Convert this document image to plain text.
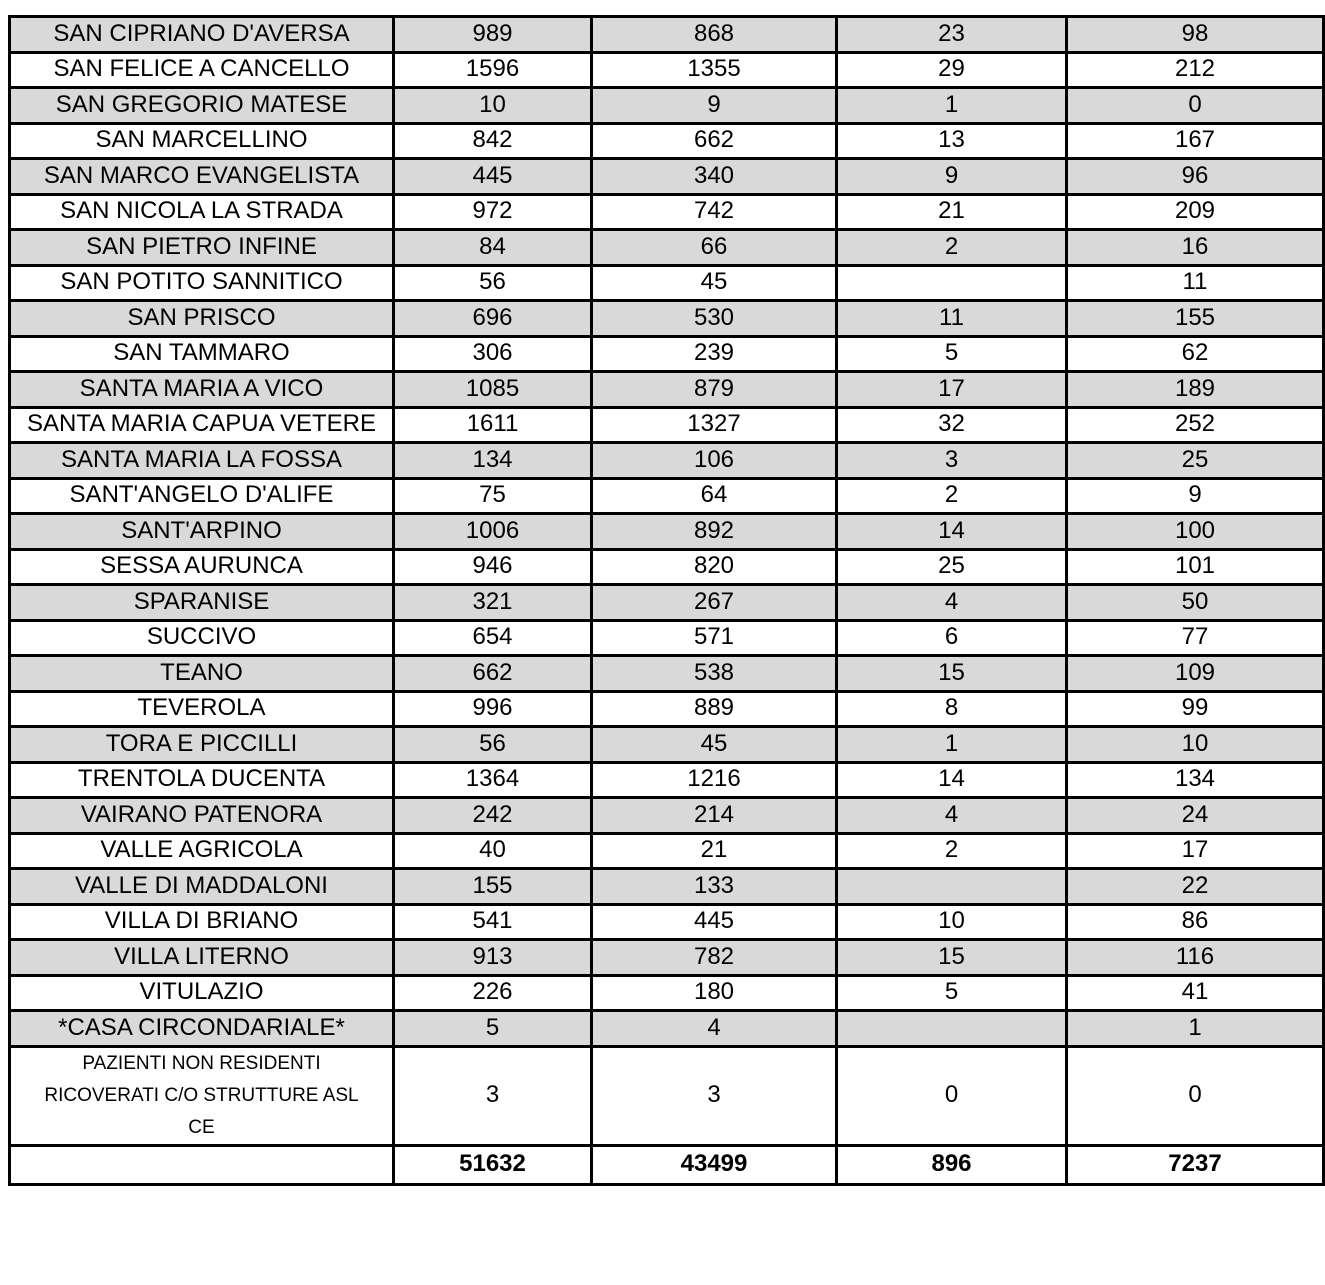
SAN CIPRIANO D'AVERSA	989	868	23	98
SAN FELICE A CANCELLO	1596	1355	29	212
SAN GREGORIO MATESE	10	9	1	0
SAN MARCELLINO	842	662	13	167
SAN MARCO EVANGELISTA	445	340	9	96
SAN NICOLA LA STRADA	972	742	21	209
SAN PIETRO INFINE	84	66	2	16
SAN POTITO SANNITICO	56	45		11
SAN PRISCO	696	530	11	155
SAN TAMMARO	306	239	5	62
SANTA MARIA A VICO	1085	879	17	189
SANTA MARIA CAPUA VETERE	1611	1327	32	252
SANTA MARIA LA FOSSA	134	106	3	25
SANT'ANGELO D'ALIFE	75	64	2	9
SANT'ARPINO	1006	892	14	100
SESSA AURUNCA	946	820	25	101
SPARANISE	321	267	4	50
SUCCIVO	654	571	6	77
TEANO	662	538	15	109
TEVEROLA	996	889	8	99
TORA E PICCILLI	56	45	1	10
TRENTOLA DUCENTA	1364	1216	14	134
VAIRANO PATENORA	242	214	4	24
VALLE AGRICOLA	40	21	2	17
VALLE DI MADDALONI	155	133		22
VILLA DI BRIANO	541	445	10	86
VILLA LITERNO	913	782	15	116
VITULAZIO	226	180	5	41
*CASA CIRCONDARIALE*	5	4		1
PAZIENTI NON RESIDENTI RICOVERATI C/O STRUTTURE ASL CE	3	3	0	0
	51632	43499	896	7237
